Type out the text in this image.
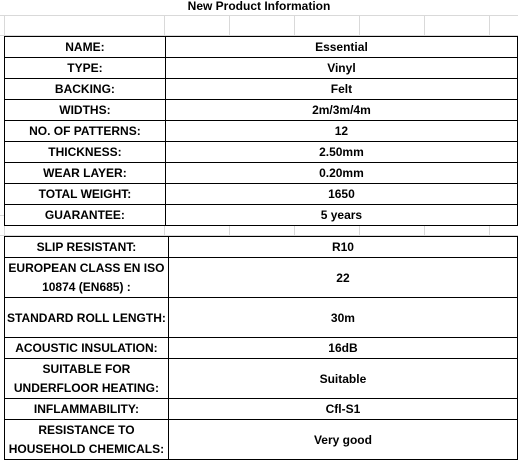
New Product Information
NAME:	Essential
TYPE:	Vinyl
BACKING:	Felt
WIDTHS:	2m/3m/4m
NO. OF PATTERNS:	12
THICKNESS:	2.50mm
WEAR LAYER:	0.20mm
TOTAL WEIGHT:	1650
GUARANTEE:	5 years
SLIP RESISTANT:	R10
EUROPEAN CLASS EN ISO 10874 (EN685) :	22
STANDARD ROLL LENGTH:	30m
ACOUSTIC INSULATION:	16dB
SUITABLE FOR UNDERFLOOR HEATING:	Suitable
INFLAMMABILITY:	Cfl-S1
RESISTANCE TO HOUSEHOLD CHEMICALS:	Very good
